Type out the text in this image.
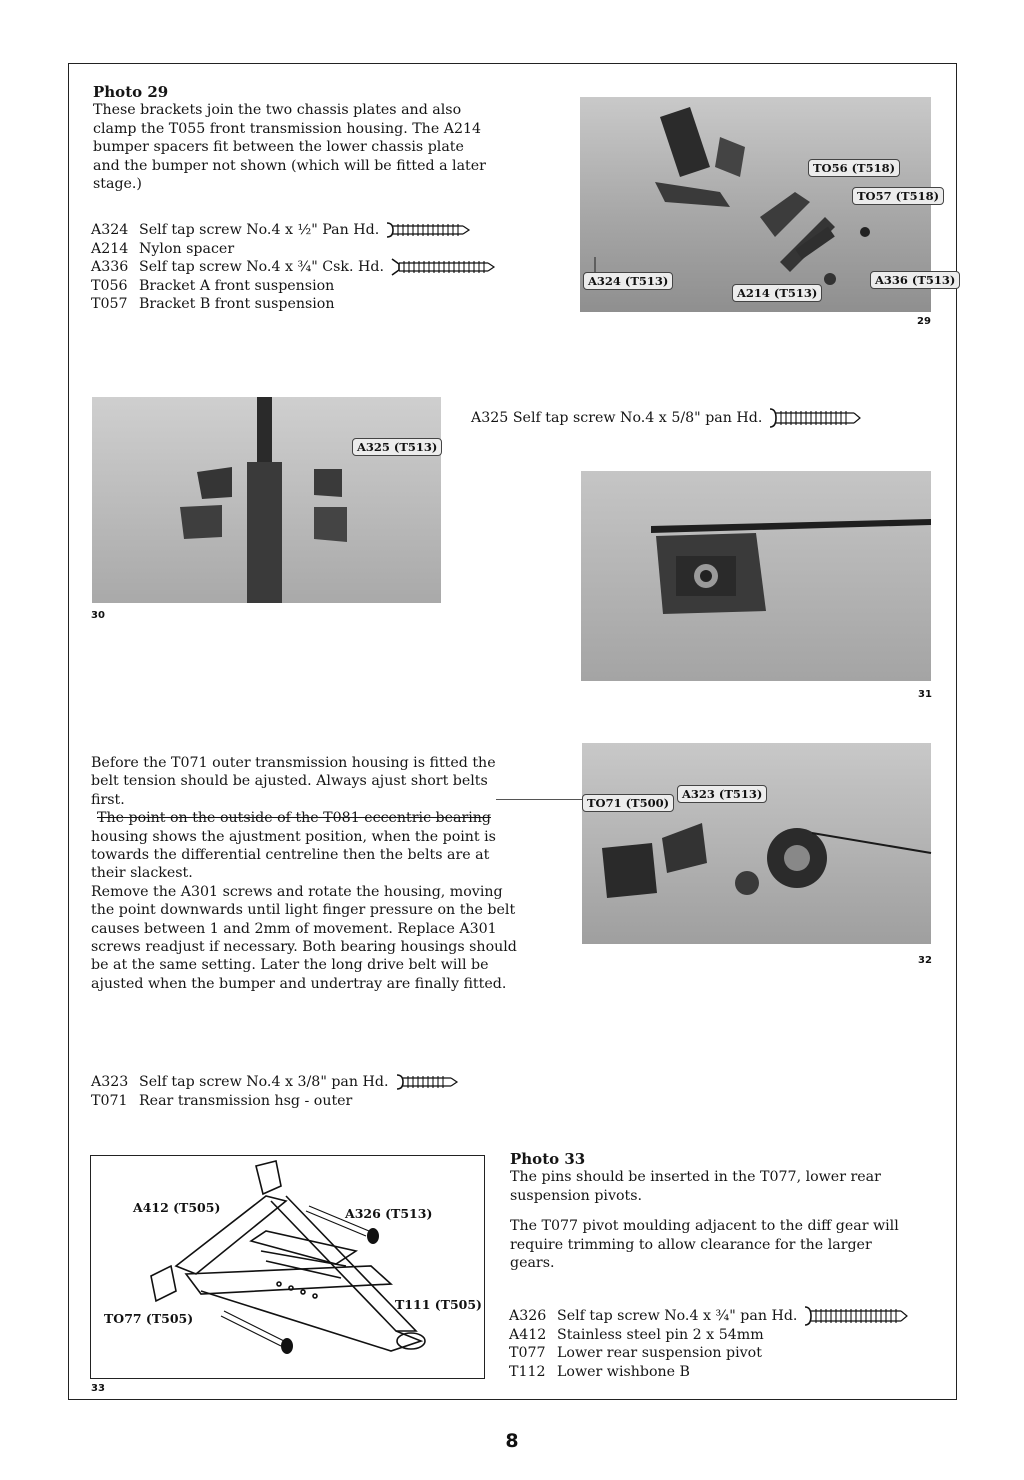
Photo 29
These brackets join the two chassis plates and also clamp the T055 front transmission housing. The A214 bumper spacers fit between the lower chassis plate and the bumper not shown (which will be fitted a later stage.)
A324 Self tap screw No.4 x ½" Pan Hd.
A214 Nylon spacer
A336 Self tap screw No.4 x ¾" Csk. Hd.
T056 Bracket A front suspension
T057 Bracket B front suspension
TO56 (T518)
TO57 (T518)
A324 (T513)
A214 (T513)
A336 (T513)
29
A325 (T513)
30
A325 Self tap screw No.4 x 5/8" pan Hd.
31
Before the T071 outer transmission housing is fitted the belt tension should be ajusted. Always ajust short belts first.
The point on the outside of the T081 eccentric bearing
housing shows the ajustment position, when the point is towards the differential centreline then the belts are at their slackest.
Remove the A301 screws and rotate the housing, moving the point downwards until light finger pressure on the belt causes between 1 and 2mm of movement. Replace A301 screws readjust if necessary. Both bearing housings should be at the same setting. Later the long drive belt will be ajusted when the bumper and undertray are finally fitted.
TO71 (T500)
A323 (T513)
32
A323 Self tap screw No.4 x 3/8" pan Hd.
T071 Rear transmission hsg - outer
A412 (T505)	A326 (T513)
T111 (T505)
TO77 (T505)
33
Photo 33
The pins should be inserted in the T077, lower rear suspension pivots.
The T077 pivot moulding adjacent to the diff gear will require trimming to allow clearance for the larger gears.
A326 Self tap screw No.4 x ¾" pan Hd.
A412 Stainless steel pin 2 x 54mm
T077 Lower rear suspension pivot
T112 Lower wishbone B
8
